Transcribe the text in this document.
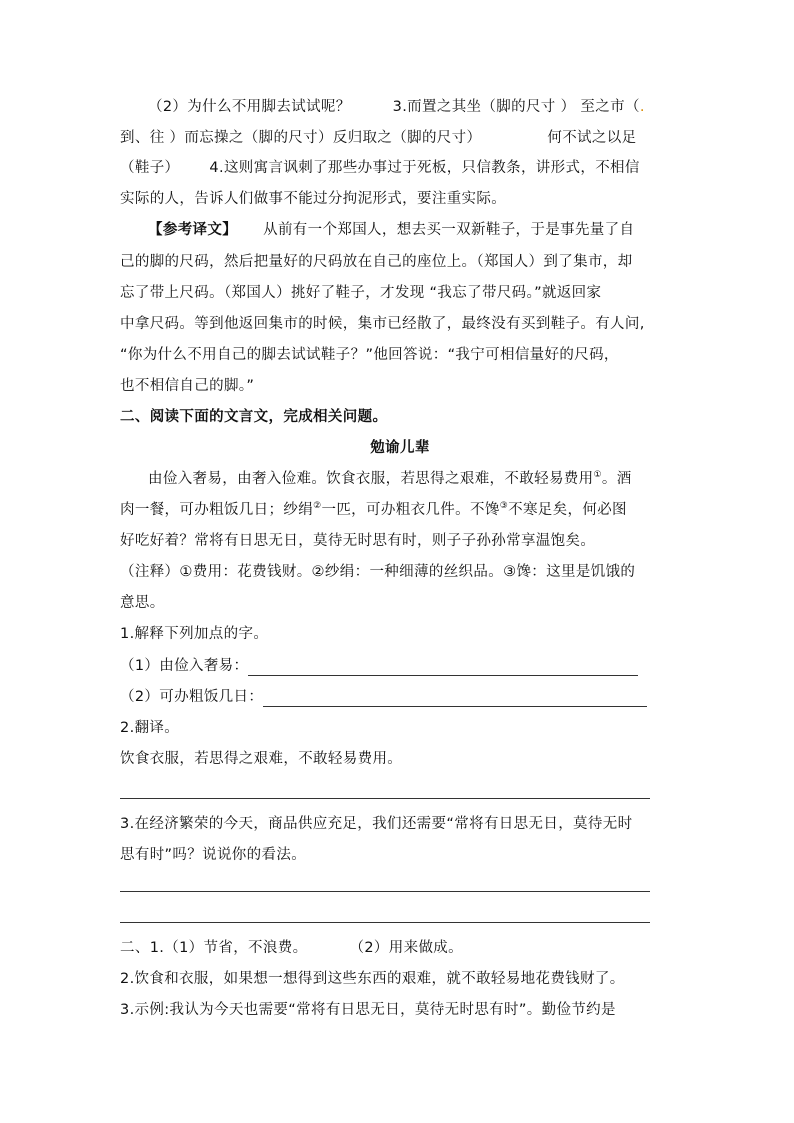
（2）为什么不用脚去试试呢？	3.而置之其坐（脚的尺寸 ） 至之市（.
到、往 ）而忘操之（脚的尺寸）反归取之（脚的尺寸）	何不试之以足
（鞋子） 4.这则寓言讽刺了那些办事过于死板，只信教条，讲形式，不相信
实际的人，告诉人们做事不能过分拘泥形式，要注重实际。
【参考译文】 从前有一个郑国人，想去买一双新鞋子，于是事先量了自
己的脚的尺码，然后把量好的尺码放在自己的座位上。（郑国人）到了集市，却
忘了带上尺码。（郑国人）挑好了鞋子，才发现 “我忘了带尺码。”就返回家
中拿尺码。等到他返回集市的时候，集市已经散了，最终没有买到鞋子。有人问,
“你为什么不用自己的脚去试试鞋子？”他回答说：“我宁可相信量好的尺码，
也不相信自己的脚。”
二、阅读下面的文言文，完成相关问题。
勉谕儿辈
由俭入奢易，由奢入俭难。饮食衣服，若思得之艰难，不敢轻易费用①。酒
肉一餐，可办粗饭几日；纱绢②一匹，可办粗衣几件。不馋③不寒足矣，何必图
好吃好着？常将有日思无日，莫待无时思有时，则子子孙孙常享温饱矣。
（注释）①费用：花费钱财。②纱绢：一种细薄的丝织品。③馋：这里是饥饿的
意思。
1.解释下列加点的字。
（1）由俭入奢易：
（2）可办粗饭几日：
2.翻译。
饮食衣服，若思得之艰难，不敢轻易费用。
3.在经济繁荣的今天，商品供应充足，我们还需要“常将有日思无日，莫待无时
思有时”吗？说说你的看法。
二、1.（1）节省，不浪费。	（2）用来做成。
2.饮食和衣服，如果想一想得到这些东西的艰难，就不敢轻易地花费钱财了。
3.示例:我认为今天也需要“常将有日思无日，莫待无时思有时”。勤俭节约是
